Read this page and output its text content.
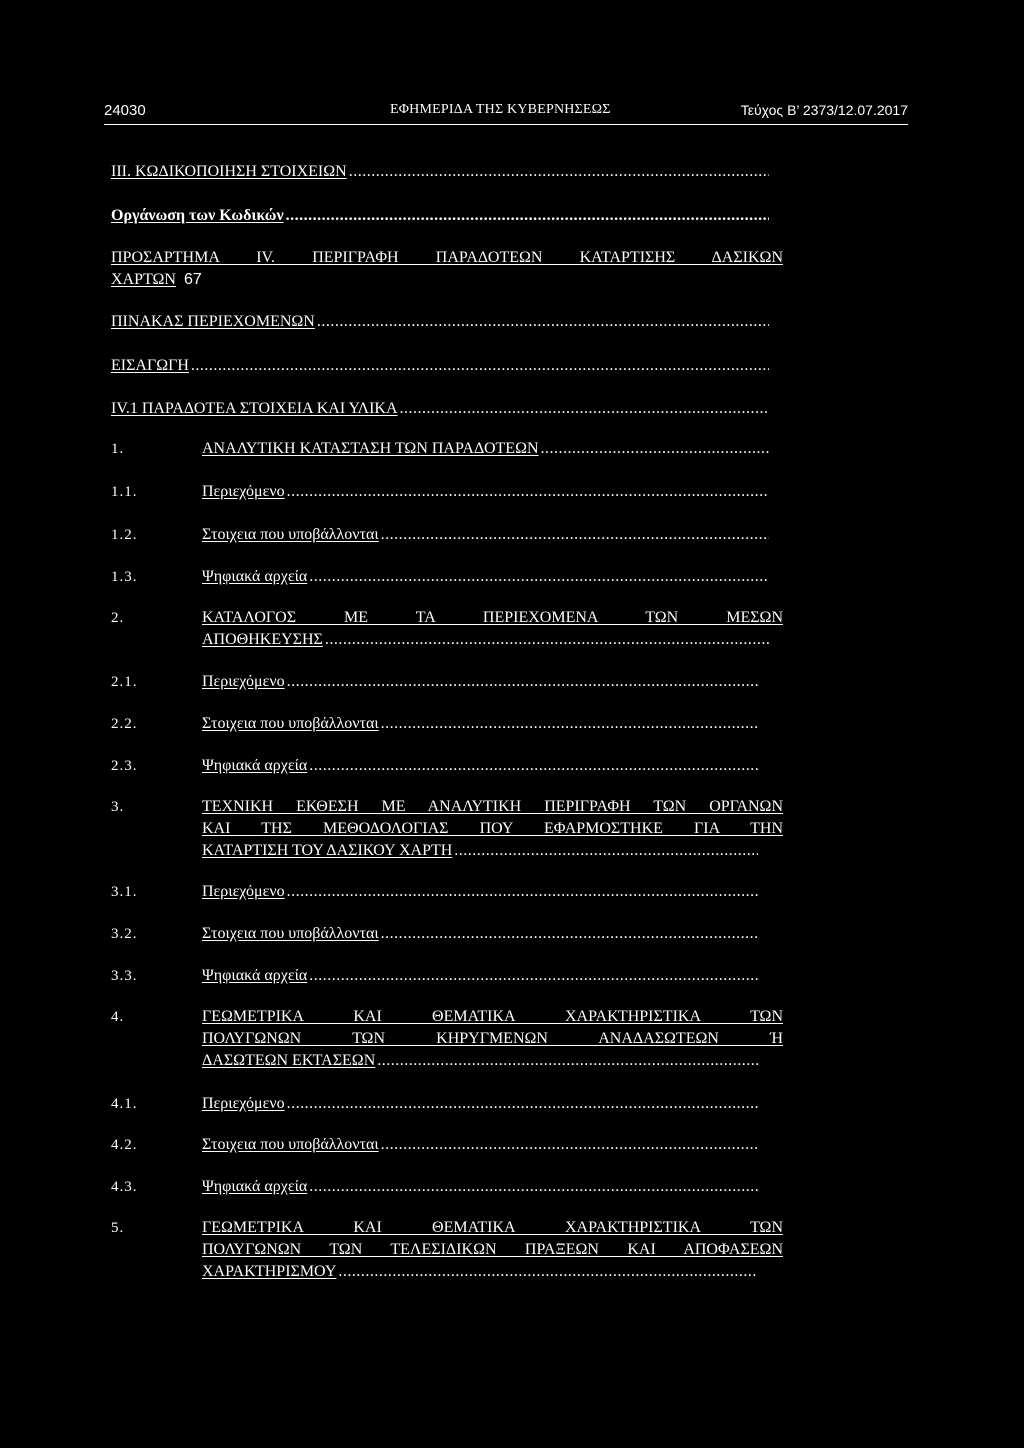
24030	ΕΦΗΜΕΡΙΔΑ ΤΗΣ ΚΥΒΕΡΝΗΣΕΩΣ	Τεύχος Β’ 2373/12.07.2017
III. ΚΩΔΙΚΟΠΟΙΗΣΗ ΣΤΟΙΧΕΙΩΝ
.....
Οργάνωση των Κωδικών
.....
ΠΡΟΣΑΡΤΗΜΑ IV. ΠΕΡΙΓΡΑΦΗ ΠΑΡΑΔΟΤΕΩΝ ΚΑΤΑΡΤΙΣΗΣ ΔΑΣΙΚΩΝ
ΧΑΡΤΩΝ 67
ΠΙΝΑΚΑΣ ΠΕΡΙΕΧΟΜΕΝΩΝ
.....
ΕΙΣΑΓΩΓΗ
.....
IV.1 ΠΑΡΑΔΟΤΕΑ ΣΤΟΙΧΕΙΑ ΚΑΙ ΥΛΙΚΑ
.....
1.	ΑΝΑΛΥΤΙΚΗ ΚΑΤΑΣΤΑΣΗ ΤΩΝ ΠΑΡΑΔΟΤΕΩΝ
.....
1.1.	Περιεχόμενο
.....
1.2.	Στοιχεια που υποβάλλονται
.....
1.3.	Ψηφιακά αρχεία
.....
2.	ΚΑΤΑΛΟΓΟΣ ΜΕ ΤΑ ΠΕΡΙΕΧΟΜΕΝΑ ΤΩΝ ΜΕΣΩΝ
ΑΠΟΘΗΚΕΥΣΗΣ
.....
2.1.	Περιεχόμενο
.....
2.2.	Στοιχεια που υποβάλλονται
.....
2.3.	Ψηφιακά αρχεία
.....
3.	ΤΕΧΝΙΚΗ ΕΚΘΕΣΗ ΜΕ ΑΝΑΛΥΤΙΚΗ ΠΕΡΙΓΡΑΦΗ ΤΩΝ ΟΡΓΑΝΩΝ
ΚΑΙ ΤΗΣ ΜΕΘΟΔΟΛΟΓΙΑΣ ΠΟΥ ΕΦΑΡΜΟΣΤΗΚΕ ΓΙΑ ΤΗΝ
ΚΑΤΑΡΤΙΣΗ ΤΟΥ ΔΑΣΙΚΟΥ ΧΑΡΤΗ
.....
3.1.	Περιεχόμενο
.....
3.2.	Στοιχεια που υποβάλλονται
.....
3.3.	Ψηφιακά αρχεία
.....
4.	ΓΕΩΜΕΤΡΙΚΑ ΚΑΙ ΘΕΜΑΤΙΚΑ ΧΑΡΑΚΤΗΡΙΣΤΙΚΑ ΤΩΝ
ΠΟΛΥΓΩΝΩΝ ΤΩΝ ΚΗΡΥΓΜΕΝΩΝ ΑΝΑΔΑΣΩΤΕΩΝ Ή
ΔΑΣΩΤΕΩΝ ΕΚΤΑΣΕΩΝ
.....
4.1.	Περιεχόμενο
.....
4.2.	Στοιχεια που υποβάλλονται
.....
4.3.	Ψηφιακά αρχεία
.....
5.	ΓΕΩΜΕΤΡΙΚΑ ΚΑΙ ΘΕΜΑΤΙΚΑ ΧΑΡΑΚΤΗΡΙΣΤΙΚΑ ΤΩΝ
ΠΟΛΥΓΩΝΩΝ ΤΩΝ ΤΕΛΕΣΙΔΙΚΩΝ ΠΡΑΞΕΩΝ ΚΑΙ ΑΠΟΦΑΣΕΩΝ
ΧΑΡΑΚΤΗΡΙΣΜΟΥ
.....
